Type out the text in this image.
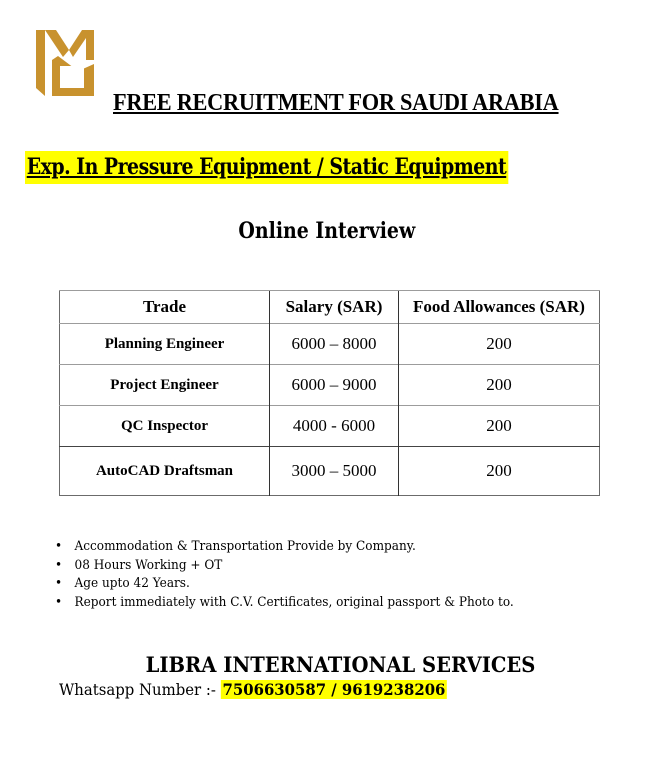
FREE RECRUITMENT FOR SAUDI ARABIA
Exp. In Pressure Equipment / Static Equipment
Online Interview
Trade	Salary (SAR)	Food Allowances (SAR)
Planning Engineer	6000 – 8000	200
Project Engineer	6000 – 9000	200
QC Inspector	4000 - 6000	200
AutoCAD Draftsman	3000 – 5000	200
• Accommodation & Transportation Provide by Company.
• 08 Hours Working + OT
• Age upto 42 Years.
• Report immediately with C.V. Certificates, original passport & Photo to.
LIBRA INTERNATIONAL SERVICES
Whatsapp Number :- 7506630587 / 9619238206
